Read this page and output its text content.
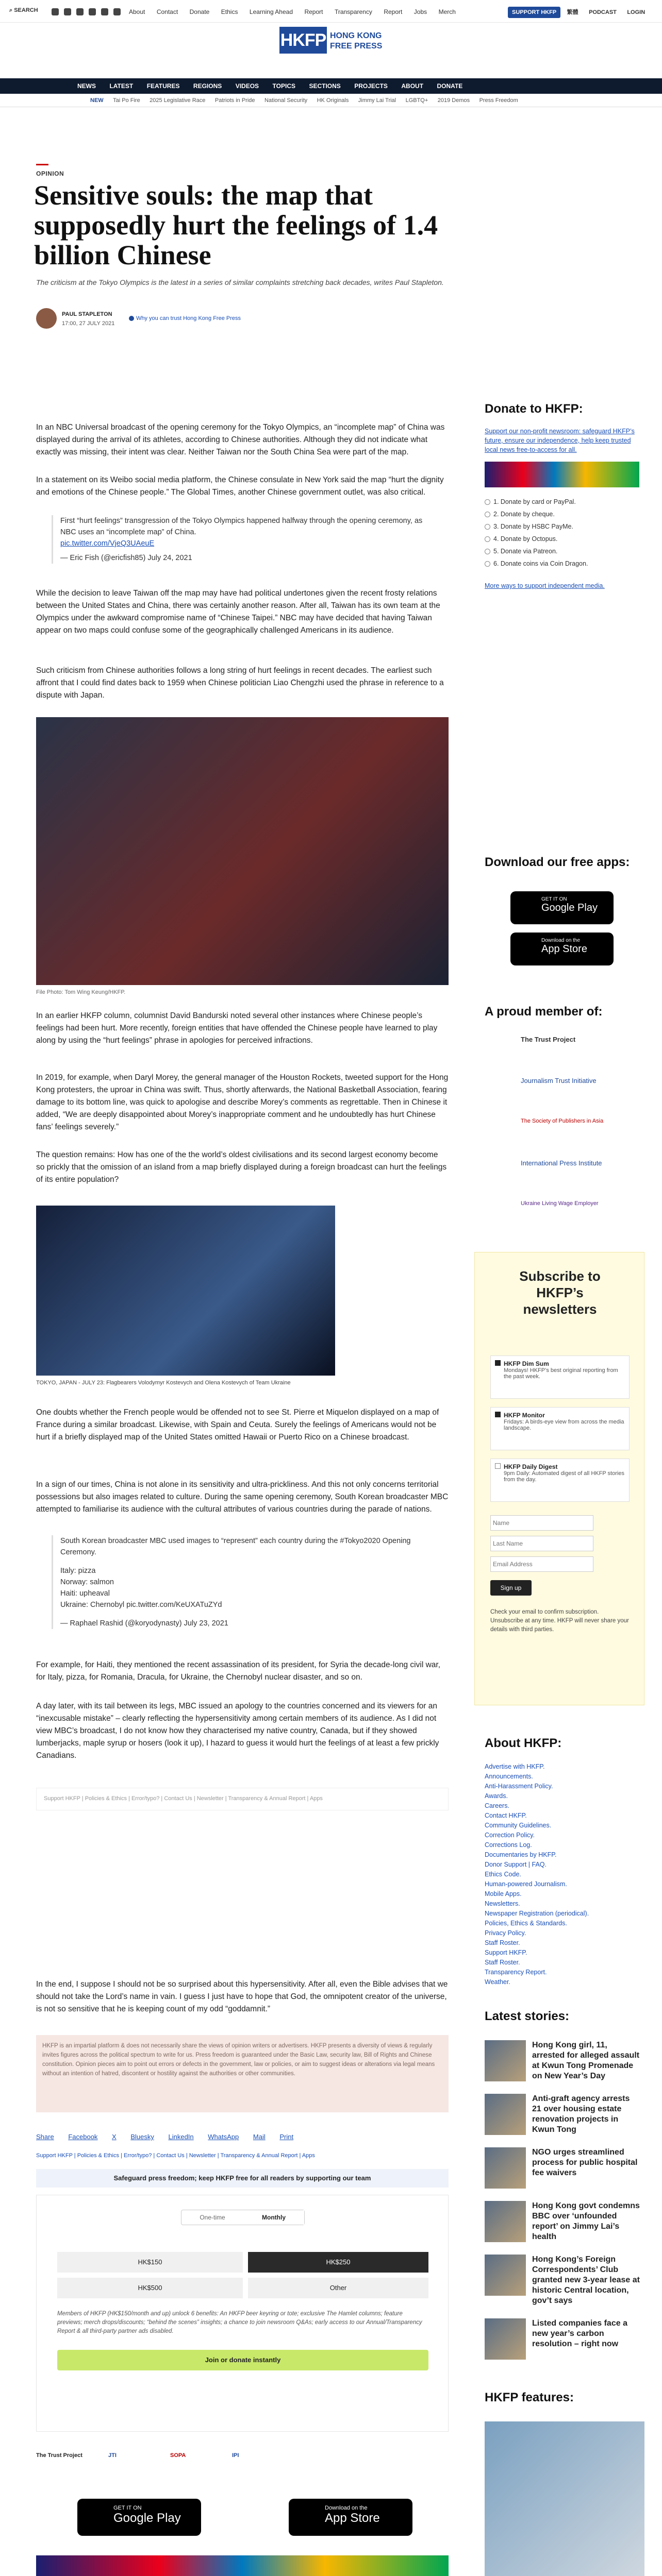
⌕ SEARCH	About Contact Donate Ethics Learning Ahead Report Transparency Report Jobs Merch	SUPPORT HKFP 繁體 PODCAST LOGIN
HKFP HONG KONG
FREE PRESS
NEWS LATEST FEATURES REGIONS VIDEOS TOPICS SECTIONS PROJECTS ABOUT DONATE
NEW Tai Po Fire 2025 Legislative Race Patriots in Pride National Security HK Originals Jimmy Lai Trial LGBTQ+ 2019 Demos Press Freedom
OPINION
Sensitive souls: the map that supposedly hurt the feelings of 1.4 billion Chinese
The criticism at the Tokyo Olympics is the latest in a series of similar complaints stretching back decades, writes Paul Stapleton.
PAUL STAPLETON
17:00, 27 JULY 2021
Why you can trust Hong Kong Free Press
In an NBC Universal broadcast of the opening ceremony for the Tokyo Olympics, an “incomplete map” of China was displayed during the arrival of its athletes, according to Chinese authorities. Although they did not indicate what exactly was missing, their intent was clear. Neither Taiwan nor the South China Sea were part of the map.
In a statement on its Weibo social media platform, the Chinese consulate in New York said the map “hurt the dignity and emotions of the Chinese people.” The Global Times, another Chinese government outlet, was also critical.
First “hurt feelings” transgression of the Tokyo Olympics happened halfway through the opening ceremony, as NBC uses an “incomplete map” of China.
pic.twitter.com/VjeQ3UAeuE
— Eric Fish (@ericfish85) July 24, 2021
While the decision to leave Taiwan off the map may have had political undertones given the recent frosty relations between the United States and China, there was certainly another reason. After all, Taiwan has its own team at the Olympics under the awkward compromise name of “Chinese Taipei.” NBC may have decided that having Taiwan appear on two maps could confuse some of the geographically challenged Americans in its audience.
Such criticism from Chinese authorities follows a long string of hurt feelings in recent decades. The earliest such affront that I could find dates back to 1959 when Chinese politician Liao Chengzhi used the phrase in reference to a dispute with Japan.
File Photo: Tom Wing Keung/HKFP.
In an earlier HKFP column, columnist David Bandurski noted several other instances where Chinese people’s feelings had been hurt. More recently, foreign entities that have offended the Chinese people have learned to play along by using the “hurt feelings” phrase in apologies for perceived infractions.
In 2019, for example, when Daryl Morey, the general manager of the Houston Rockets, tweeted support for the Hong Kong protesters, the uproar in China was swift. Thus, shortly afterwards, the National Basketball Association, fearing damage to its bottom line, was quick to apologise and describe Morey’s comments as regrettable. Then in Chinese it added, “We are deeply disappointed about Morey’s inappropriate comment and he undoubtedly has hurt Chinese fans’ feelings severely.”
The question remains: How has one of the the world’s oldest civilisations and its second largest economy become so prickly that the omission of an island from a map briefly displayed during a foreign broadcast can hurt the feelings of its entire population?
TOKYO, JAPAN - JULY 23: Flagbearers Volodymyr Kostevych and Olena Kostevych of Team Ukraine
One doubts whether the French people would be offended not to see St. Pierre et Miquelon displayed on a map of France during a similar broadcast. Likewise, with Spain and Ceuta. Surely the feelings of Americans would not be hurt if a briefly displayed map of the United States omitted Hawaii or Puerto Rico on a Chinese broadcast.
In a sign of our times, China is not alone in its sensitivity and ultra-prickliness. And this not only concerns territorial possessions but also images related to culture. During the same opening ceremony, South Korean broadcaster MBC attempted to familiarise its audience with the cultural attributes of various countries during the parade of nations.
South Korean broadcaster MBC used images to “represent” each country during the #Tokyo2020 Opening Ceremony.
Italy: pizza
Norway: salmon
Haiti: upheaval
Ukraine: Chernobyl pic.twitter.com/KeUXATuZYd
— Raphael Rashid (@koryodynasty) July 23, 2021
For example, for Haiti, they mentioned the recent assassination of its president, for Syria the decade-long civil war, for Italy, pizza, for Romania, Dracula, for Ukraine, the Chernobyl nuclear disaster, and so on.
A day later, with its tail between its legs, MBC issued an apology to the countries concerned and its viewers for an “inexcusable mistake” – clearly reflecting the hypersensitivity among certain members of its audience. As I did not view MBC’s broadcast, I do not know how they characterised my native country, Canada, but if they showed lumberjacks, maple syrup or hosers (look it up), I hazard to guess it would hurt the feelings of at least a few prickly Canadians.
Support HKFP | Policies & Ethics | Error/typo? | Contact Us | Newsletter | Transparency & Annual Report | Apps
In the end, I suppose I should not be so surprised about this hypersensitivity. After all, even the Bible advises that we should not take the Lord’s name in vain. I guess I just have to hope that God, the omnipotent creator of the universe, is not so sensitive that he is keeping count of my odd “goddamnit.”
HKFP is an impartial platform & does not necessarily share the views of opinion writers or advertisers. HKFP presents a diversity of views & regularly invites figures across the political spectrum to write for us. Press freedom is guaranteed under the Basic Law, security law, Bill of Rights and Chinese constitution. Opinion pieces aim to point out errors or defects in the government, law or policies, or aim to suggest ideas or alterations via legal means without an intention of hatred, discontent or hostility against the authorities or other communities.
Share Facebook X Bluesky LinkedIn WhatsApp Mail Print
Support HKFP | Policies & Ethics | Error/typo? | Contact Us | Newsletter | Transparency & Annual Report | Apps
Safeguard press freedom; keep HKFP free for all readers by supporting our team
One-time	Monthly
HK$150	HK$250
HK$500	Other
Members of HKFP (HK$150/month and up) unlock 6 benefits: An HKFP beer keyring or tote; exclusive The Hamlet columns; feature previews; merch drops/discounts; “behind the scenes” insights; a chance to join newsroom Q&As; early access to our Annual/Transparency Report & all third-party partner ads disabled.
Join or donate instantly
The Trust Project	JTI	SOPA	IPI
GET IT ON
Google Play
Download on the
App Store
Donate to HKFP:
Support our non-profit newsroom: safeguard HKFP’s future, ensure our independence, help keep trusted local news free-to-access for all.
1. Donate by card or PayPal.
2. Donate by cheque.
3. Donate by HSBC PayMe.
4. Donate by Octopus.
5. Donate via Patreon.
6. Donate coins via Coin Dragon.
More ways to support independent media.
Download our free apps:
GET IT ON
Google Play
Download on the
App Store
A proud member of:
The Trust Project
Journalism Trust Initiative
The Society of Publishers in Asia
International Press Institute
Ukraine Living Wage Employer
Subscribe to HKFP’s newsletters
HKFP Dim Sum
Mondays! HKFP’s best original reporting from the past week.
HKFP Monitor
Fridays: A birds-eye view from across the media landscape.
HKFP Daily Digest
9pm Daily: Automated digest of all HKFP stories from the day.
Name
Last Name
Email Address
Sign up
Check your email to confirm subscription. Unsubscribe at any time. HKFP will never share your details with third parties.
About HKFP:
Advertise with HKFP.
Announcements.
Anti-Harassment Policy.
Awards.
Careers.
Contact HKFP.
Community Guidelines.
Correction Policy.
Corrections Log.
Documentaries by HKFP.
Donor Support | FAQ.
Ethics Code.
Human-powered Journalism.
Mobile Apps.
Newsletters.
Newspaper Registration (periodical).
Policies, Ethics & Standards.
Privacy Policy.
Staff Roster.
Support HKFP.
Staff Roster.
Transparency Report.
Weather.
Latest stories:
Hong Kong girl, 11, arrested for alleged assault at Kwun Tong Promenade on New Year’s Day
Anti-graft agency arrests 21 over housing estate renovation projects in Kwun Tong
NGO urges streamlined process for public hospital fee waivers
Hong Kong govt condemns BBC over ‘unfounded report’ on Jimmy Lai’s health
Hong Kong’s Foreign Correspondents’ Club granted new 3-year lease at historic Central location, gov’t says
Listed companies face a new year’s carbon resolution – right now
HKFP features:
